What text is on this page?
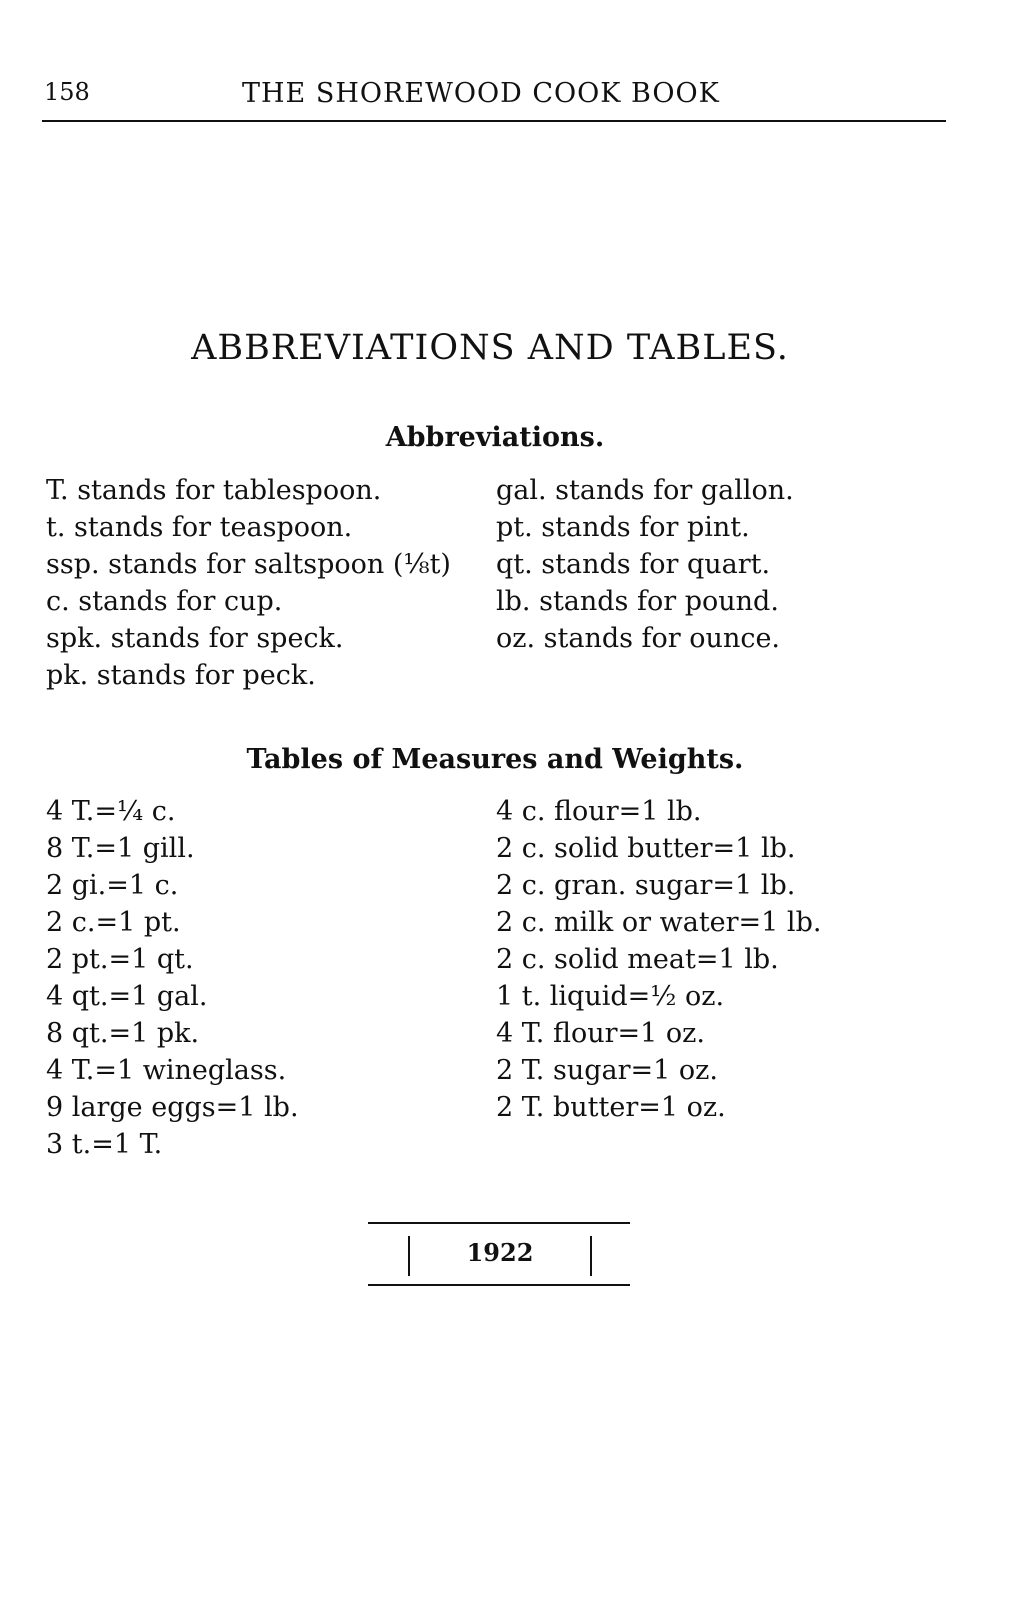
158	THE SHOREWOOD COOK BOOK
ABBREVIATIONS AND TABLES.
Abbreviations.
T. stands for tablespoon.
t. stands for teaspoon.
ssp. stands for saltspoon (⅛t)
c. stands for cup.
spk. stands for speck.
pk. stands for peck.
gal. stands for gallon.
pt. stands for pint.
qt. stands for quart.
lb. stands for pound.
oz. stands for ounce.
Tables of Measures and Weights.
4 T.=¼ c.
8 T.=1 gill.
2 gi.=1 c.
2 c.=1 pt.
2 pt.=1 qt.
4 qt.=1 gal.
8 qt.=1 pk.
4 T.=1 wineglass.
9 large eggs=1 lb.
3 t.=1 T.
4 c. flour=1 lb.
2 c. solid butter=1 lb.
2 c. gran. sugar=1 lb.
2 c. milk or water=1 lb.
2 c. solid meat=1 lb.
1 t. liquid=½ oz.
4 T. flour=1 oz.
2 T. sugar=1 oz.
2 T. butter=1 oz.
1922
